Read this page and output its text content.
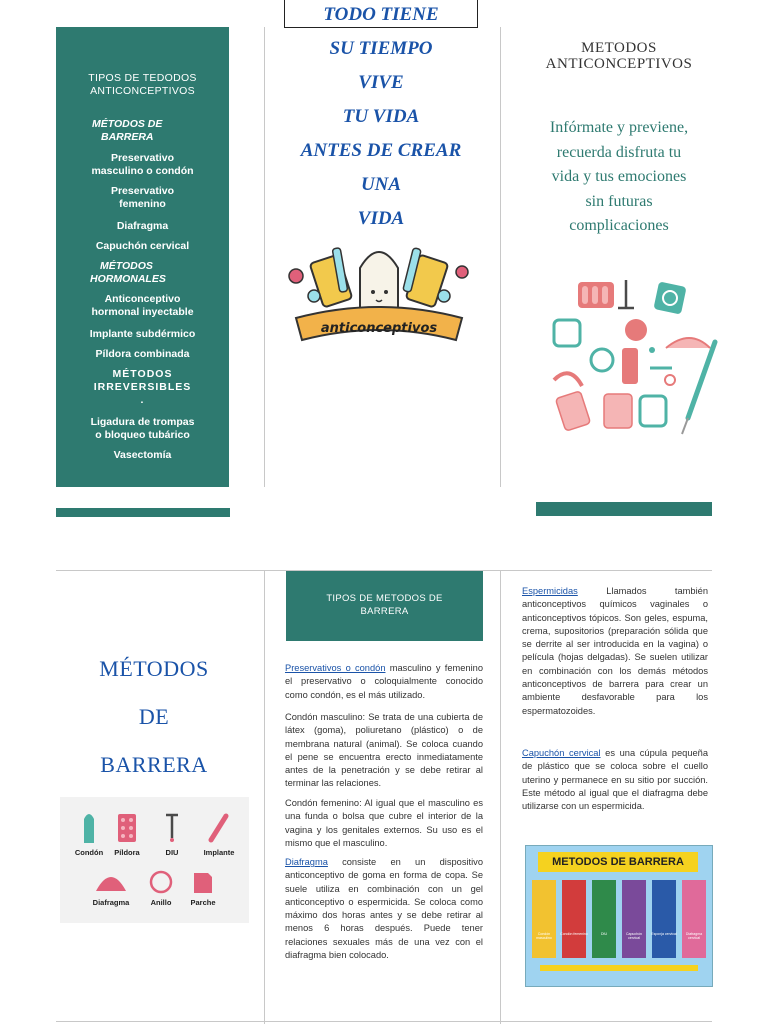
TIPOS DE TEDODOS
ANTICONCEPTIVOS
MÉTODOS DE
BARRERA
Preservativo
masculino o condón
Preservativo
femenino
Diafragma
Capuchón cervical
MÉTODOS
HORMONALES
Anticonceptivo
hormonal inyectable
Implante subdérmico
Píldora combinada
MÉTODOS
IRREVERSIBLES
.
Ligadura de trompas
o bloqueo tubárico
Vasectomía
TODO TIENE
SU TIEMPO
VIVE
TU VIDA
ANTES DE CREAR
UNA
VIDA
anticonceptivos
METODOS
ANTICONCEPTIVOS
Infórmate y previene,
recuerda disfruta tu
vida y tus emociones
sin futuras
complicaciones
MÉTODOS
DE
BARRERA
Condón	Píldora	DIU	Implante
Diafragma	Anillo	Parche
TIPOS DE METODOS DE
BARRERA
Preservativos o condón masculino y femenino el preservativo o coloquialmente conocido como condón, es el más utilizado.
Condón masculino: Se trata de una cubierta de látex (goma), poliuretano (plástico) o de membrana natural (animal). Se coloca cuando el pene se encuentra erecto inmediatamente antes de la penetración y se debe retirar al terminar las relaciones.
Condón femenino: Al igual que el masculino es una funda o bolsa que cubre el interior de la vagina y los genitales externos. Su uso es el mismo que el masculino.
Diafragma consiste en un dispositivo anticonceptivo de goma en forma de copa. Se suele utiliza en combinación con un gel anticonceptivo o espermicida. Se coloca como máximo dos horas antes y se debe retirar al menos 6 horas después. Puede tener relaciones sexuales más de una vez con el diafragma bien colocado.
Espermicidas Llamados también anticonceptivos químicos vaginales o anticonceptivos tópicos. Son geles, espuma, crema, supositorios (preparación sólida que se derrite al ser introducida en la vagina) o película (hojas delgadas). Se suelen utilizar en combinación con los demás métodos anticonceptivos de barrera para crear un ambiente desfavorable para los espermatozoides.
Capuchón cervical es una cúpula pequeña de plástico que se coloca sobre el cuello uterino y permanece en su sitio por succión. Este método al igual que el diafragma debe utilizarse con un espermicida.
METODOS DE BARRERA
Condón masculino
Condón femenino	DIU	Capuchón cervical
Esponja cervical	Diafragma cervical
